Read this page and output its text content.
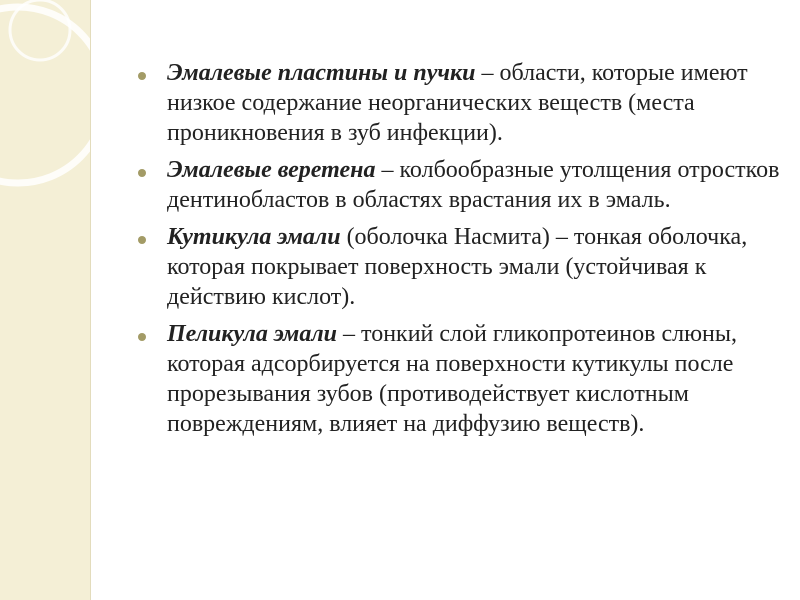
Эмалевые пластины и пучки – области, которые имеют низкое содержание неорганических веществ (места проникновения в зуб инфекции).
Эмалевые веретена – колбообразные утолщения отростков дентинобластов в областях врастания их в эмаль.
Кутикула эмали (оболочка Насмита) – тонкая оболочка, которая покрывает поверхность эмали (устойчивая к действию кислот).
Пеликула эмали – тонкий слой гликопротеинов слюны, которая адсорбируется на поверхности кутикулы после прорезывания зубов (противодействует кислотным повреждениям, влияет на диффузию веществ).
